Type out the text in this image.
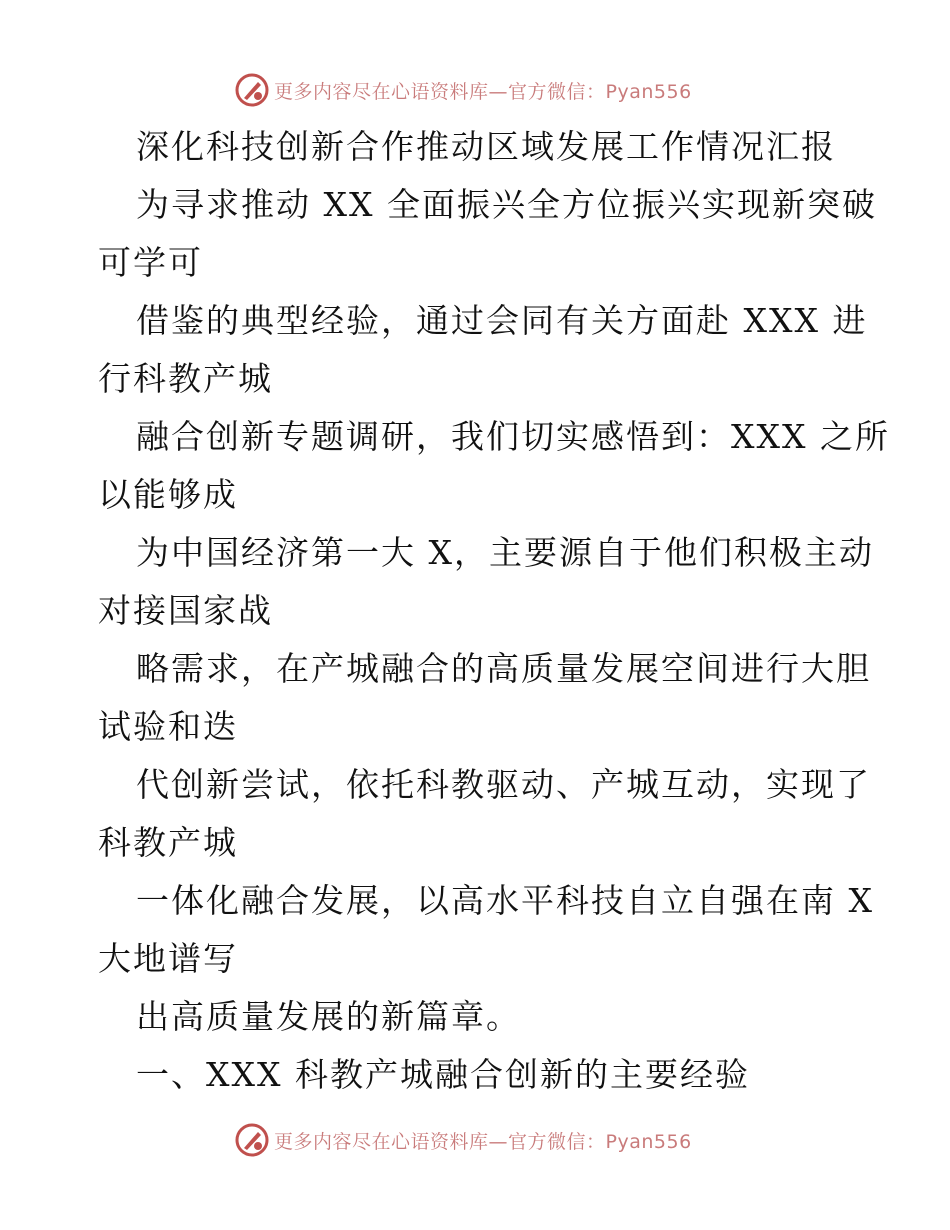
更多内容尽在心语资料库—官方微信：Pyan556
深化科技创新合作推动区域发展工作情况汇报
为寻求推动 XX 全面振兴全方位振兴实现新突破
可学可
借鉴的典型经验，通过会同有关方面赴 XXX 进
行科教产城
融合创新专题调研，我们切实感悟到：XXX 之所
以能够成
为中国经济第一大 X，主要源自于他们积极主动
对接国家战
略需求，在产城融合的高质量发展空间进行大胆
试验和迭
代创新尝试，依托科教驱动、产城互动，实现了
科教产城
一体化融合发展，以高水平科技自立自强在南 X
大地谱写
出高质量发展的新篇章。
一、XXX 科教产城融合创新的主要经验
更多内容尽在心语资料库—官方微信：Pyan556
